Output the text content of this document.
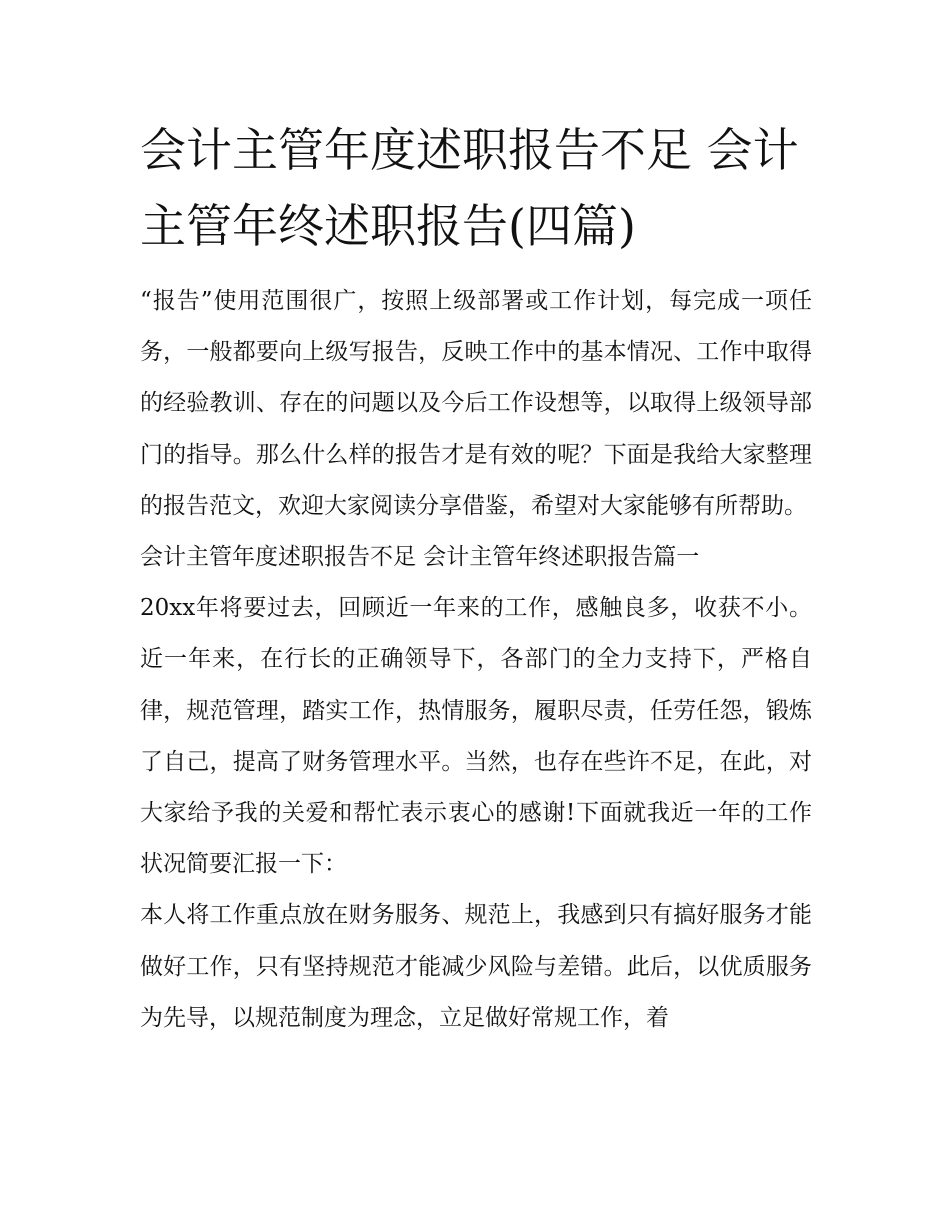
会计主管年度述职报告不足 会计主管年终述职报告(四篇)

“报告”使用范围很广，按照上级部署或工作计划，每完成一项任务，一般都要向上级写报告，反映工作中的基本情况、工作中取得的经验教训、存在的问题以及今后工作设想等，以取得上级领导部门的指导。那么什么样的报告才是有效的呢？下面是我给大家整理的报告范文，欢迎大家阅读分享借鉴，希望对大家能够有所帮助。

会计主管年度述职报告不足 会计主管年终述职报告篇一

20xx年将要过去，回顾近一年来的工作，感触良多，收获不小。近一年来，在行长的正确领导下，各部门的全力支持下，严格自律，规范管理，踏实工作，热情服务，履职尽责，任劳任怨，锻炼了自己，提高了财务管理水平。当然，也存在些许不足，在此，对大家给予我的关爱和帮忙表示衷心的感谢!下面就我近一年的工作状况简要汇报一下：

本人将工作重点放在财务服务、规范上，我感到只有搞好服务才能做好工作，只有坚持规范才能减少风险与差错。此后，以优质服务为先导，以规范制度为理念，立足做好常规工作，着
